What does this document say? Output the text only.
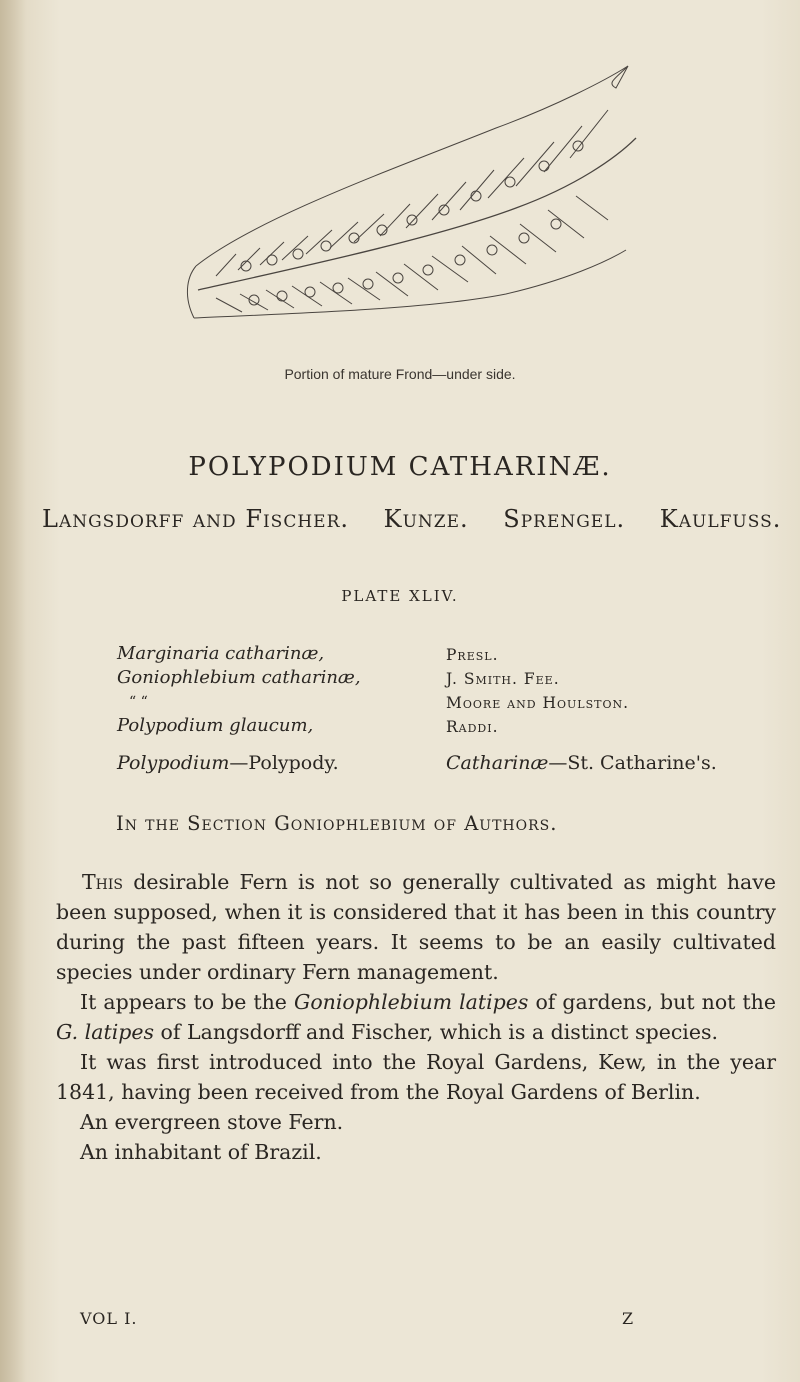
Portion of mature Frond—under side.
POLYPODIUM CATHARINÆ.
Langsdorff and Fischer. Kunze. Sprengel. Kaulfuss.
PLATE XLIV.
Marginaria catharinæ,
Goniophlebium catharinæ,
“ “
Polypodium glaucum,
Presl.
J. Smith. Fee.
Moore and Houlston.
Raddi.
Polypodium—Polypody.	Catharinæ—St. Catharine's.
In the Section Goniophlebium of Authors.

This desirable Fern is not so generally cultivated as might have been supposed, when it is considered that it has been in this country during the past fifteen years. It seems to be an easily cultivated species under ordinary Fern management.

It appears to be the Goniophlebium latipes of gardens, but not the G. latipes of Langsdorff and Fischer, which is a distinct species.

It was first introduced into the Royal Gardens, Kew, in the year 1841, having been received from the Royal Gardens of Berlin.

An evergreen stove Fern.

An inhabitant of Brazil.

VOL I.	Z
